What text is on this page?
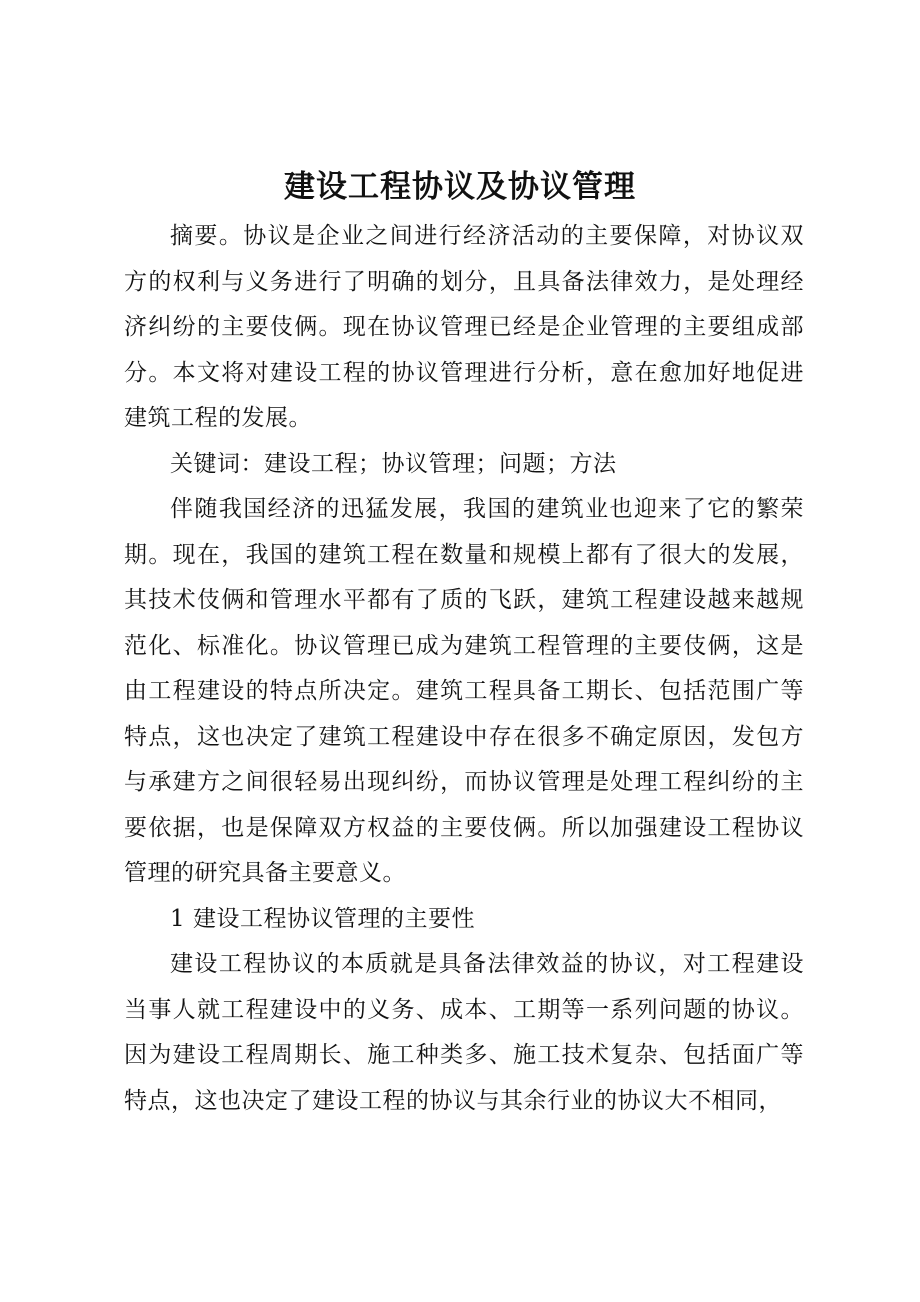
建设工程协议及协议管理

摘要。协议是企业之间进行经济活动的主要保障，对协议双方的权利与义务进行了明确的划分，且具备法律效力，是处理经济纠纷的主要伎俩。现在协议管理已经是企业管理的主要组成部分。本文将对建设工程的协议管理进行分析，意在愈加好地促进建筑工程的发展。

关键词：建设工程；协议管理；问题；方法

伴随我国经济的迅猛发展，我国的建筑业也迎来了它的繁荣期。现在，我国的建筑工程在数量和规模上都有了很大的发展，其技术伎俩和管理水平都有了质的飞跃，建筑工程建设越来越规范化、标准化。协议管理已成为建筑工程管理的主要伎俩，这是由工程建设的特点所决定。建筑工程具备工期长、包括范围广等特点，这也决定了建筑工程建设中存在很多不确定原因，发包方与承建方之间很轻易出现纠纷，而协议管理是处理工程纠纷的主要依据，也是保障双方权益的主要伎俩。所以加强建设工程协议管理的研究具备主要意义。

1 建设工程协议管理的主要性

建设工程协议的本质就是具备法律效益的协议，对工程建设当事人就工程建设中的义务、成本、工期等一系列问题的协议。因为建设工程周期长、施工种类多、施工技术复杂、包括面广等特点，这也决定了建设工程的协议与其余行业的协议大不相同，
